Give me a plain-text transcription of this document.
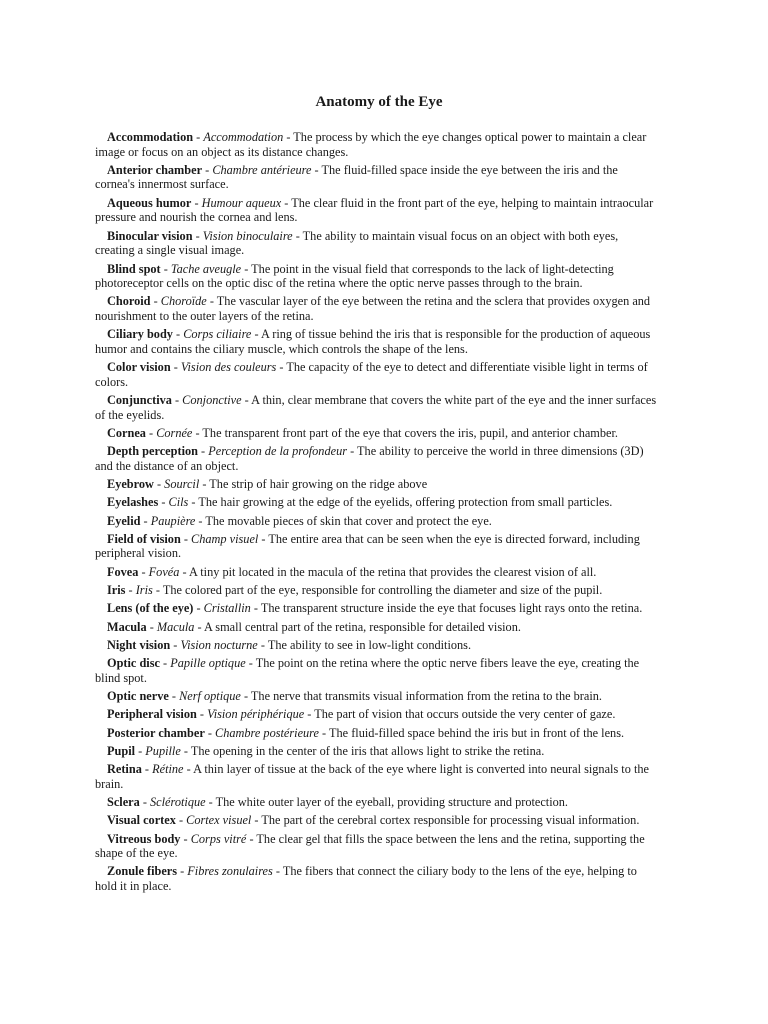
Anatomy of the Eye

Accommodation - Accommodation - The process by which the eye changes optical power to maintain a clear image or focus on an object as its distance changes.

Anterior chamber - Chambre antérieure - The fluid-filled space inside the eye between the iris and the cornea's innermost surface.

Aqueous humor - Humour aqueux - The clear fluid in the front part of the eye, helping to maintain intraocular pressure and nourish the cornea and lens.

Binocular vision - Vision binoculaire - The ability to maintain visual focus on an object with both eyes, creating a single visual image.

Blind spot - Tache aveugle - The point in the visual field that corresponds to the lack of light-detecting photoreceptor cells on the optic disc of the retina where the optic nerve passes through to the brain.

Choroid - Choroïde - The vascular layer of the eye between the retina and the sclera that provides oxygen and nourishment to the outer layers of the retina.

Ciliary body - Corps ciliaire - A ring of tissue behind the iris that is responsible for the production of aqueous humor and contains the ciliary muscle, which controls the shape of the lens.

Color vision - Vision des couleurs - The capacity of the eye to detect and differentiate visible light in terms of colors.

Conjunctiva - Conjonctive - A thin, clear membrane that covers the white part of the eye and the inner surfaces of the eyelids.

Cornea - Cornée - The transparent front part of the eye that covers the iris, pupil, and anterior chamber.

Depth perception - Perception de la profondeur - The ability to perceive the world in three dimensions (3D) and the distance of an object.

Eyebrow - Sourcil - The strip of hair growing on the ridge above

Eyelashes - Cils - The hair growing at the edge of the eyelids, offering protection from small particles.

Eyelid - Paupière - The movable pieces of skin that cover and protect the eye.

Field of vision - Champ visuel - The entire area that can be seen when the eye is directed forward, including peripheral vision.

Fovea - Fovéa - A tiny pit located in the macula of the retina that provides the clearest vision of all.

Iris - Iris - The colored part of the eye, responsible for controlling the diameter and size of the pupil.

Lens (of the eye) - Cristallin - The transparent structure inside the eye that focuses light rays onto the retina.

Macula - Macula - A small central part of the retina, responsible for detailed vision.

Night vision - Vision nocturne - The ability to see in low-light conditions.

Optic disc - Papille optique - The point on the retina where the optic nerve fibers leave the eye, creating the blind spot.

Optic nerve - Nerf optique - The nerve that transmits visual information from the retina to the brain.

Peripheral vision - Vision périphérique - The part of vision that occurs outside the very center of gaze.

Posterior chamber - Chambre postérieure - The fluid-filled space behind the iris but in front of the lens.

Pupil - Pupille - The opening in the center of the iris that allows light to strike the retina.

Retina - Rétine - A thin layer of tissue at the back of the eye where light is converted into neural signals to the brain.

Sclera - Sclérotique - The white outer layer of the eyeball, providing structure and protection.

Visual cortex - Cortex visuel - The part of the cerebral cortex responsible for processing visual information.

Vitreous body - Corps vitré - The clear gel that fills the space between the lens and the retina, supporting the shape of the eye.

Zonule fibers - Fibres zonulaires - The fibers that connect the ciliary body to the lens of the eye, helping to hold it in place.
